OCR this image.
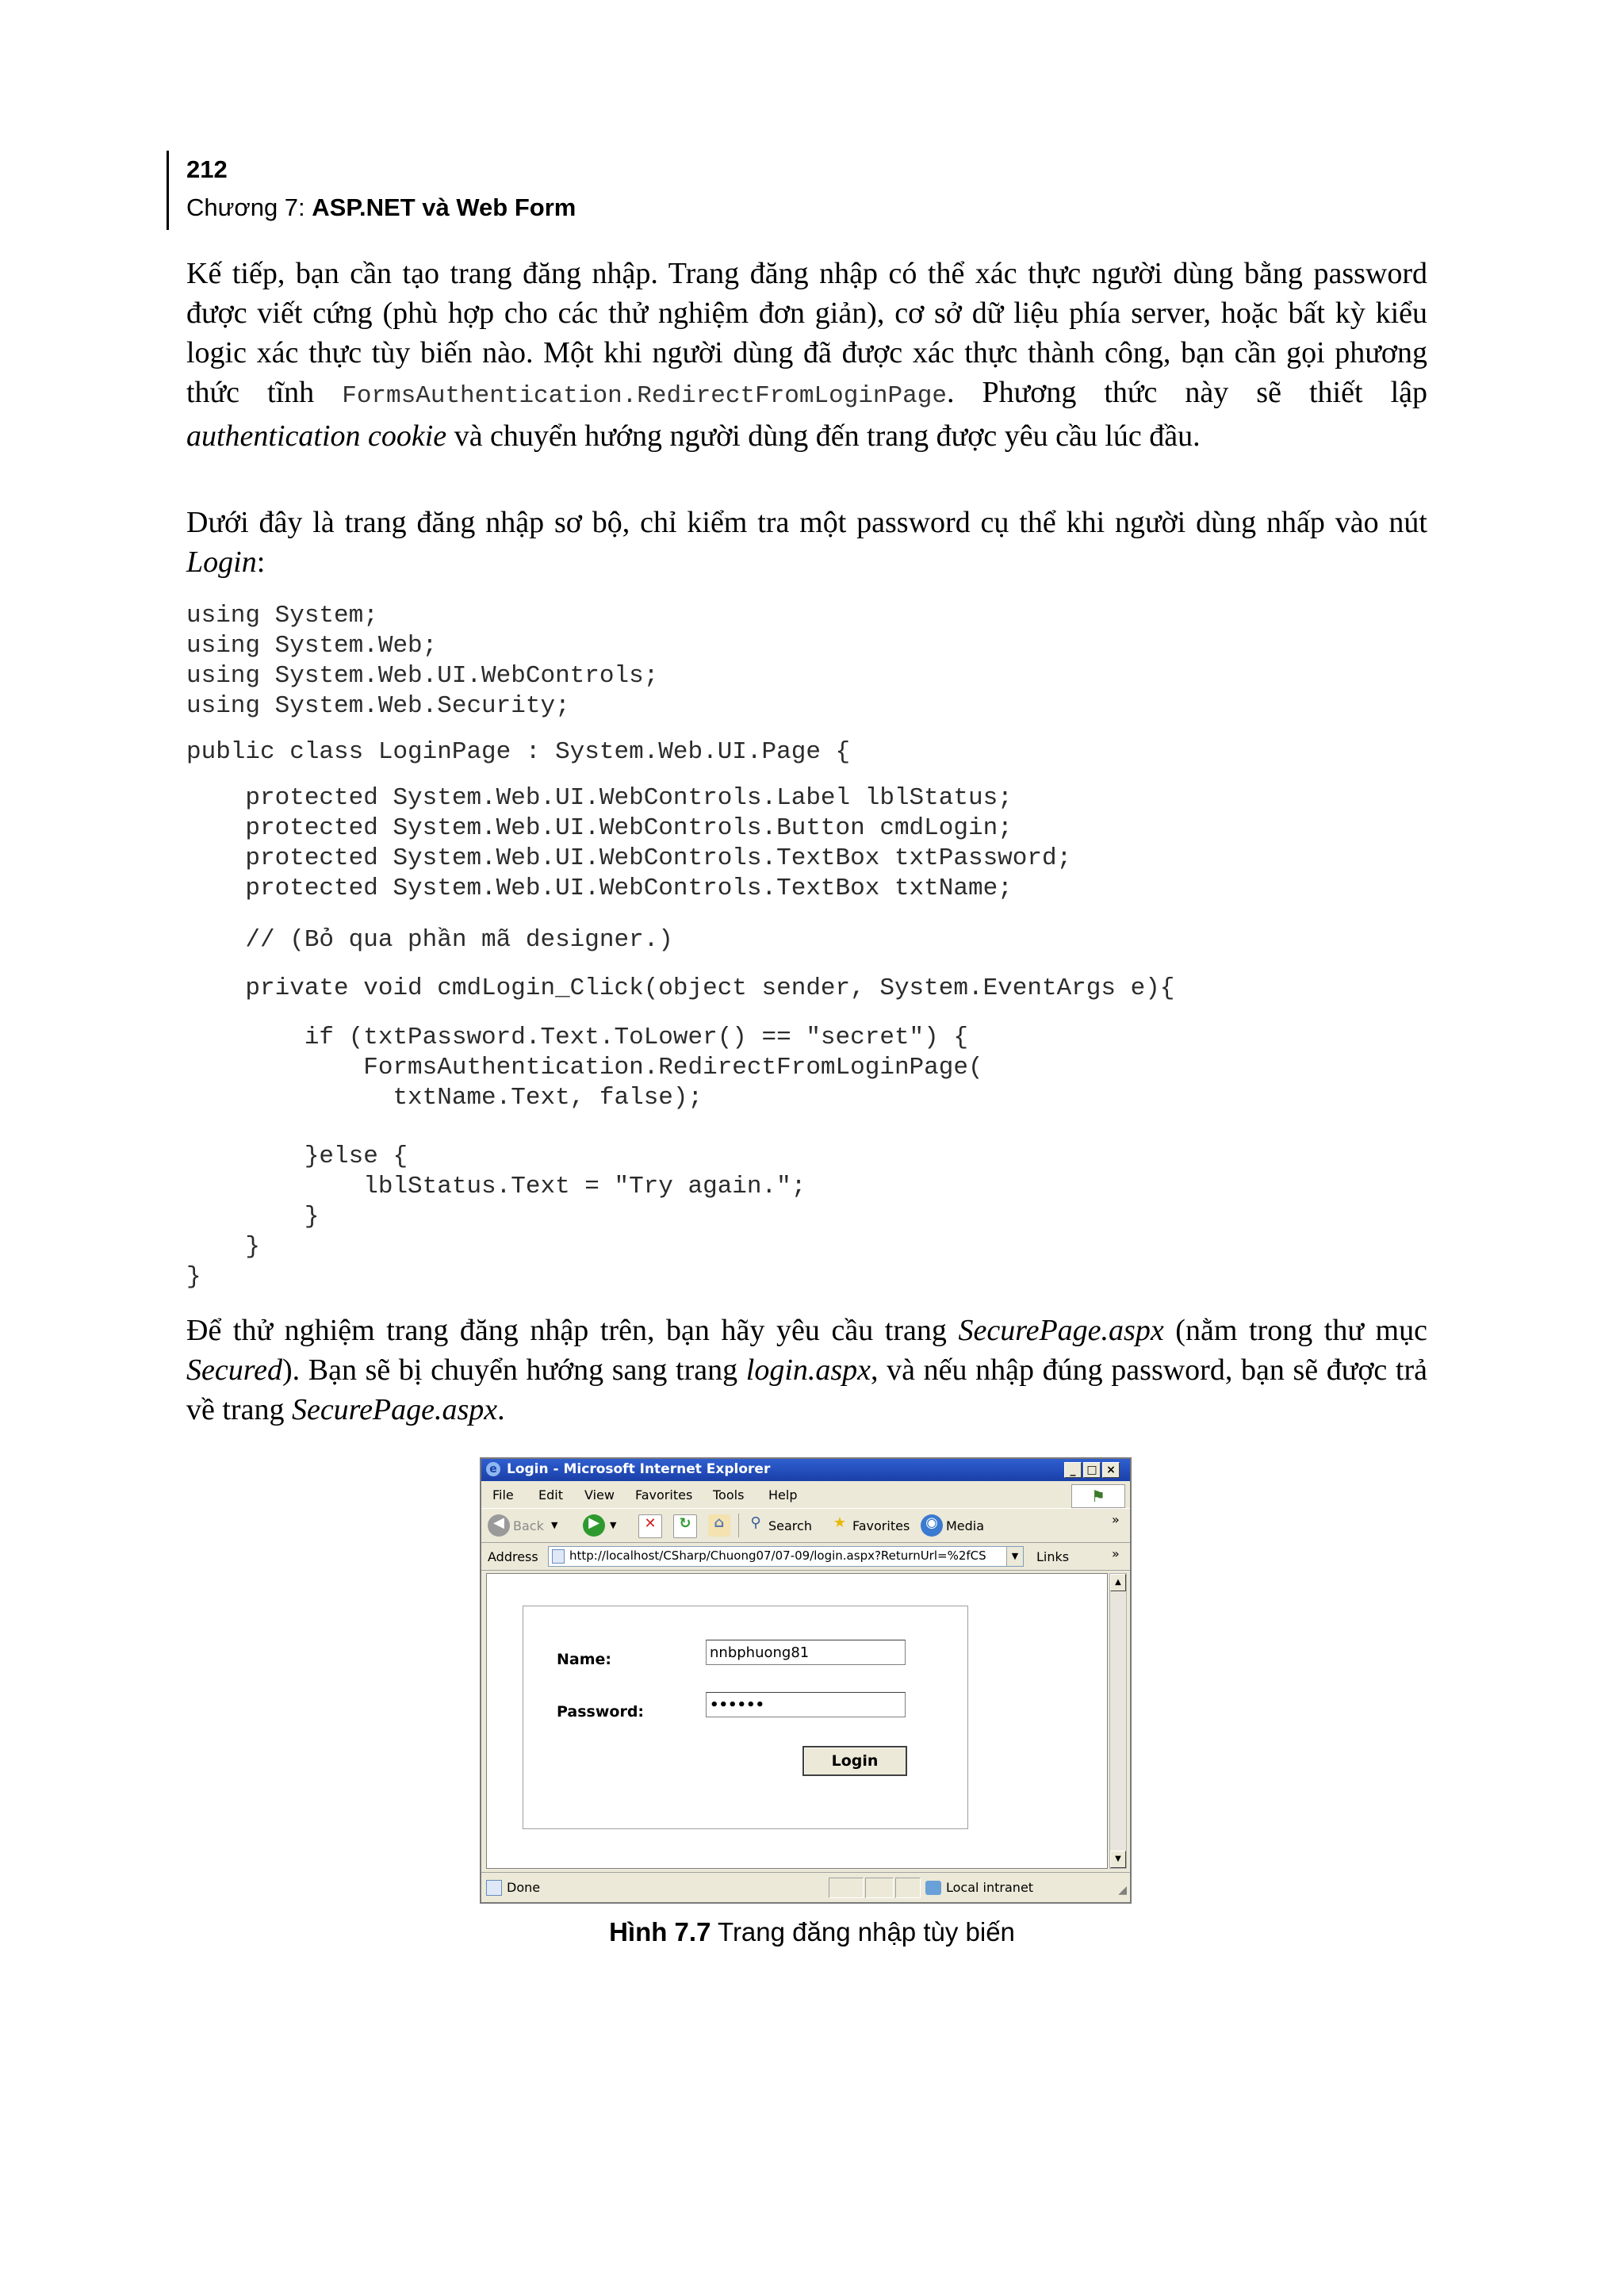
212
Chương 7: ASP.NET và Web Form
Kế tiếp, bạn cần tạo trang đăng nhập. Trang đăng nhập có thể xác thực người dùng bằng password được viết cứng (phù hợp cho các thử nghiệm đơn giản), cơ sở dữ liệu phía server, hoặc bất kỳ kiểu logic xác thực tùy biến nào. Một khi người dùng đã được xác thực thành công, bạn cần gọi phương thức tĩnh FormsAuthentication.RedirectFromLoginPage. Phương thức này sẽ thiết lập authentication cookie và chuyển hướng người dùng đến trang được yêu cầu lúc đầu.
Dưới đây là trang đăng nhập sơ bộ, chỉ kiểm tra một password cụ thể khi người dùng nhấp vào nút Login:
using System;
using System.Web;
using System.Web.UI.WebControls;
using System.Web.Security;
public class LoginPage : System.Web.UI.Page {
protected System.Web.UI.WebControls.Label lblStatus;
protected System.Web.UI.WebControls.Button cmdLogin;
protected System.Web.UI.WebControls.TextBox txtPassword;
protected System.Web.UI.WebControls.TextBox txtName;
// (Bỏ qua phần mã designer.)
private void cmdLogin_Click(object sender, System.EventArgs e){
if (txtPassword.Text.ToLower() == "secret") {
FormsAuthentication.RedirectFromLoginPage(
txtName.Text, false);
}else {
lblStatus.Text = "Try again.";
}
}
}
Để thử nghiệm trang đăng nhập trên, bạn hãy yêu cầu trang SecurePage.aspx (nằm trong thư mục Secured). Bạn sẽ bị chuyển hướng sang trang login.aspx, và nếu nhập đúng password, bạn sẽ được trả về trang SecurePage.aspx.
e Login - Microsoft Internet Explorer	_ □ ×
File Edit View Favorites Tools Help	⚑
◀ Back ▼	▶	▼	✕	↻	⌂	⚲ Search	★ Favorites	◉ Media	»
Address	http://localhost/CSharp/Chuong07/07-09/login.aspx?ReturnUrl=%2fCS	▼	Links	»
Name:
nnbphuong81
Password:
••••••
Login
▲
▼
Done	Local intranet	◢
Hình 7.7 Trang đăng nhập tùy biến
